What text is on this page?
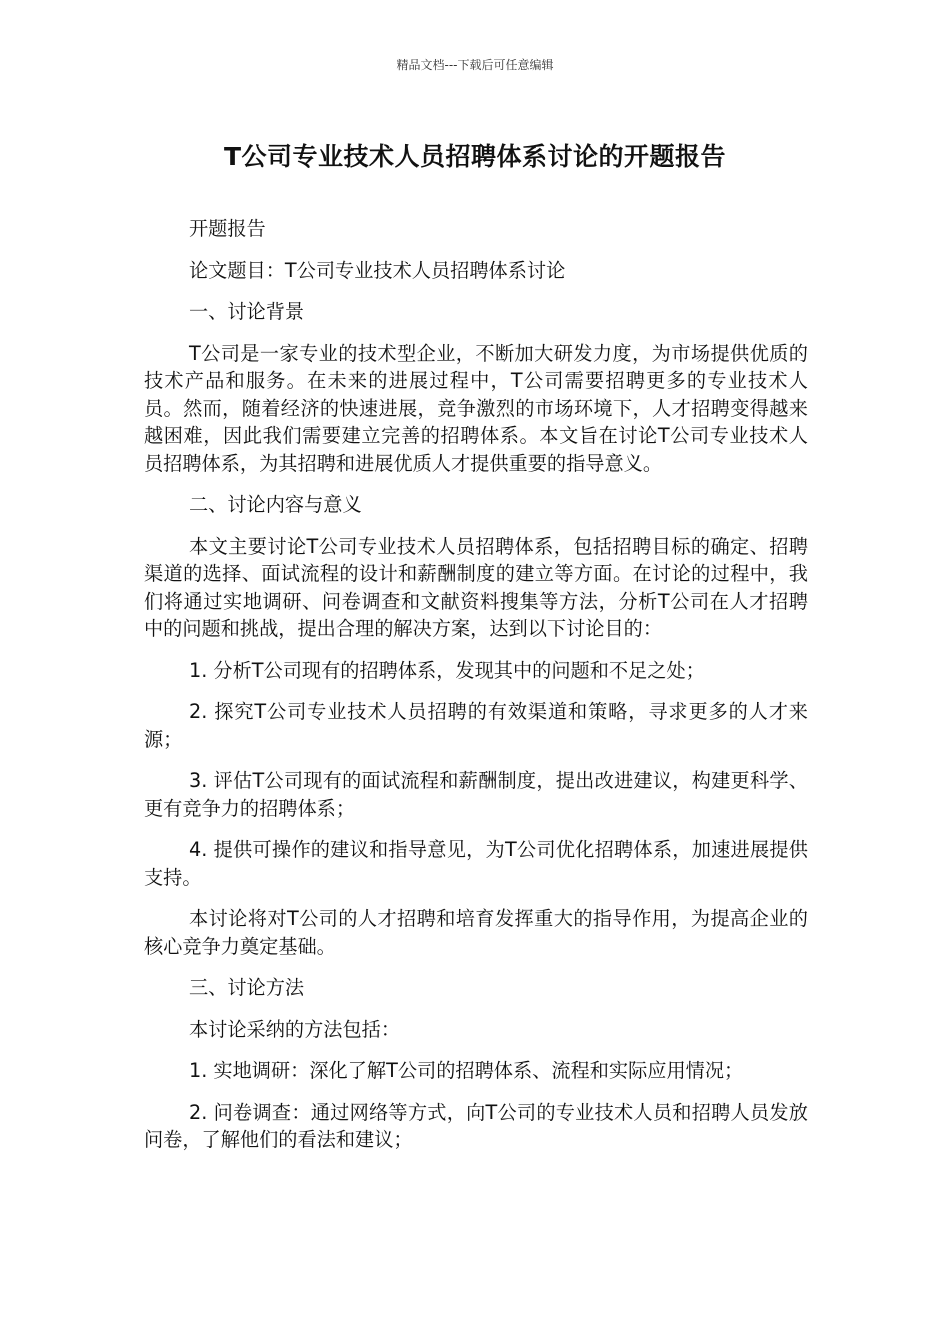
精品文档---下载后可任意编辑
T公司专业技术人员招聘体系讨论的开题报告

开题报告

论文题目：T公司专业技术人员招聘体系讨论

一、讨论背景

T公司是一家专业的技术型企业，不断加大研发力度，为市场提供优质的技术产品和服务。在未来的进展过程中，T公司需要招聘更多的专业技术人员。然而，随着经济的快速进展，竞争激烈的市场环境下，人才招聘变得越来越困难，因此我们需要建立完善的招聘体系。本文旨在讨论T公司专业技术人员招聘体系，为其招聘和进展优质人才提供重要的指导意义。

二、讨论内容与意义

本文主要讨论T公司专业技术人员招聘体系，包括招聘目标的确定、招聘渠道的选择、面试流程的设计和薪酬制度的建立等方面。在讨论的过程中，我们将通过实地调研、问卷调查和文献资料搜集等方法，分析T公司在人才招聘中的问题和挑战，提出合理的解决方案，达到以下讨论目的：

1. 分析T公司现有的招聘体系，发现其中的问题和不足之处；

2. 探究T公司专业技术人员招聘的有效渠道和策略，寻求更多的人才来源；

3. 评估T公司现有的面试流程和薪酬制度，提出改进建议，构建更科学、更有竞争力的招聘体系；

4. 提供可操作的建议和指导意见，为T公司优化招聘体系，加速进展提供支持。

本讨论将对T公司的人才招聘和培育发挥重大的指导作用，为提高企业的核心竞争力奠定基础。

三、讨论方法

本讨论采纳的方法包括：

1. 实地调研：深化了解T公司的招聘体系、流程和实际应用情况；

2. 问卷调查：通过网络等方式，向T公司的专业技术人员和招聘人员发放问卷，了解他们的看法和建议；
